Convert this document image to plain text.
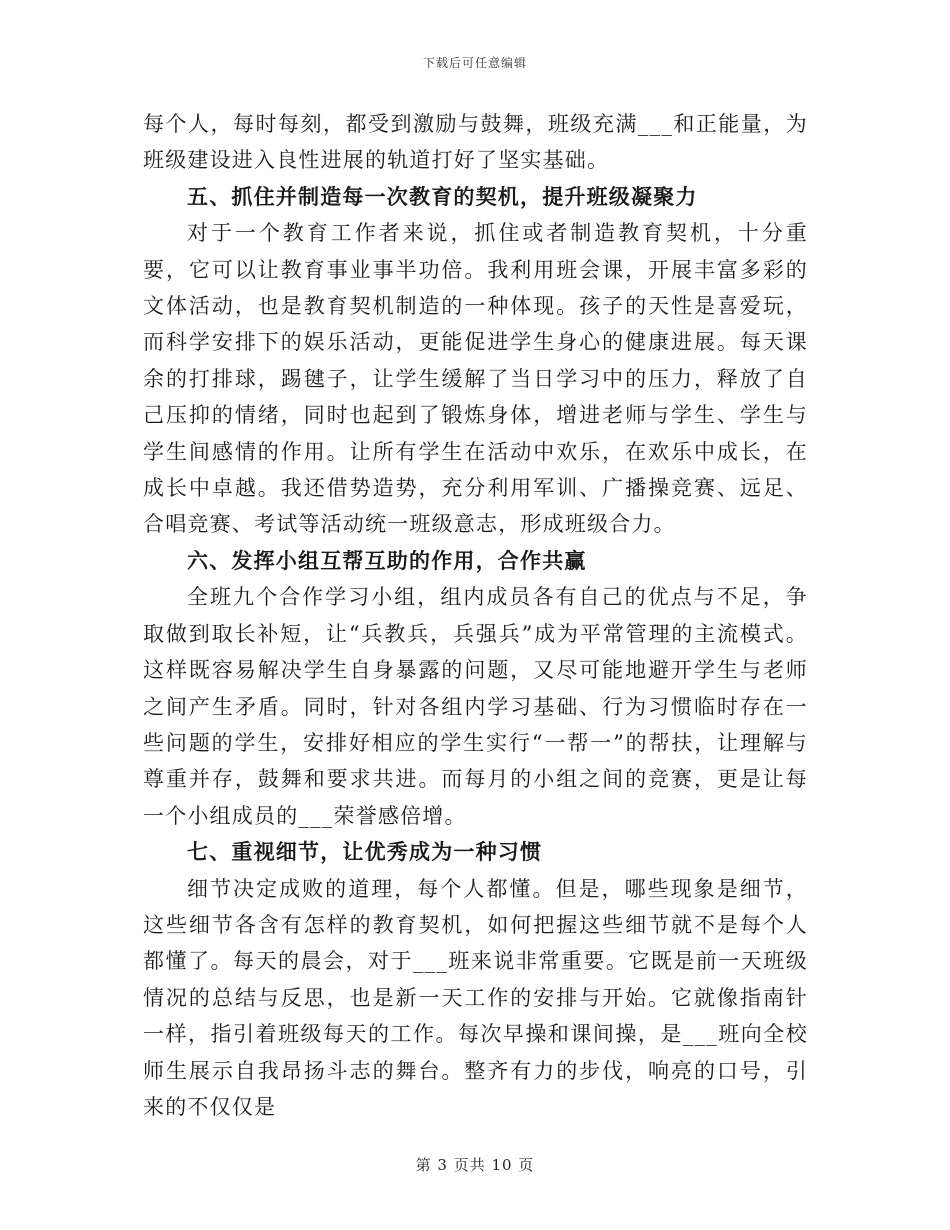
下载后可任意编辑

每个人，每时每刻，都受到激励与鼓舞，班级充满___和正能量，为班级建设进入良性进展的轨道打好了坚实基础。

五、抓住并制造每一次教育的契机，提升班级凝聚力

对于一个教育工作者来说，抓住或者制造教育契机，十分重要，它可以让教育事业事半功倍。我利用班会课，开展丰富多彩的文体活动，也是教育契机制造的一种体现。孩子的天性是喜爱玩，而科学安排下的娱乐活动，更能促进学生身心的健康进展。每天课余的打排球，踢毽子，让学生缓解了当日学习中的压力，释放了自己压抑的情绪，同时也起到了锻炼身体，增进老师与学生、学生与学生间感情的作用。让所有学生在活动中欢乐，在欢乐中成长，在成长中卓越。我还借势造势，充分利用军训、广播操竞赛、远足、合唱竞赛、考试等活动统一班级意志，形成班级合力。

六、发挥小组互帮互助的作用，合作共赢

全班九个合作学习小组，组内成员各有自己的优点与不足，争取做到取长补短，让“兵教兵，兵强兵”成为平常管理的主流模式。这样既容易解决学生自身暴露的问题，又尽可能地避开学生与老师之间产生矛盾。同时，针对各组内学习基础、行为习惯临时存在一些问题的学生，安排好相应的学生实行“一帮一”的帮扶，让理解与尊重并存，鼓舞和要求共进。而每月的小组之间的竞赛，更是让每一个小组成员的___荣誉感倍增。

七、重视细节，让优秀成为一种习惯

细节决定成败的道理，每个人都懂。但是，哪些现象是细节，这些细节各含有怎样的教育契机，如何把握这些细节就不是每个人都懂了。每天的晨会，对于___班来说非常重要。它既是前一天班级情况的总结与反思，也是新一天工作的安排与开始。它就像指南针一样，指引着班级每天的工作。每次早操和课间操，是___班向全校师生展示自我昂扬斗志的舞台。整齐有力的步伐，响亮的口号，引来的不仅仅是

第 3 页共 10 页
